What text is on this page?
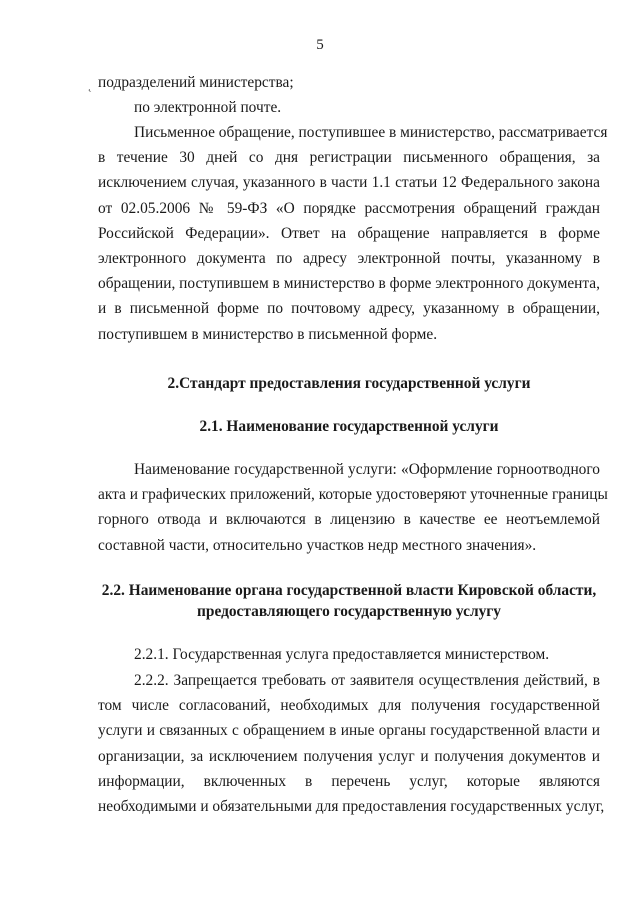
5
˛ подразделений министерства;
по электронной почте.
Письменное обращение, поступившее в министерство, рассматривается
в течение 30 дней со дня регистрации письменного обращения, за
исключением случая, указанного в части 1.1 статьи 12 Федерального закона
от 02.05.2006 № 59-ФЗ «О порядке рассмотрения обращений граждан
Российской Федерации». Ответ на обращение направляется в форме
электронного документа по адресу электронной почты, указанному в
обращении, поступившем в министерство в форме электронного документа,
и в письменной форме по почтовому адресу, указанному в обращении,
поступившем в министерство в письменной форме.
2.Стандарт предоставления государственной услуги
2.1. Наименование государственной услуги
Наименование государственной услуги: «Оформление горноотводного
акта и графических приложений, которые удостоверяют уточненные границы
горного отвода и включаются в лицензию в качестве ее неотъемлемой
составной части, относительно участков недр местного значения».
2.2. Наименование органа государственной власти Кировской области,
предоставляющего государственную услугу
2.2.1. Государственная услуга предоставляется министерством.
2.2.2. Запрещается требовать от заявителя осуществления действий, в
том числе согласований, необходимых для получения государственной
услуги и связанных с обращением в иные органы государственной власти и
организации, за исключением получения услуг и получения документов и
информации, включенных в перечень услуг, которые являются
необходимыми и обязательными для предоставления государственных услуг,
